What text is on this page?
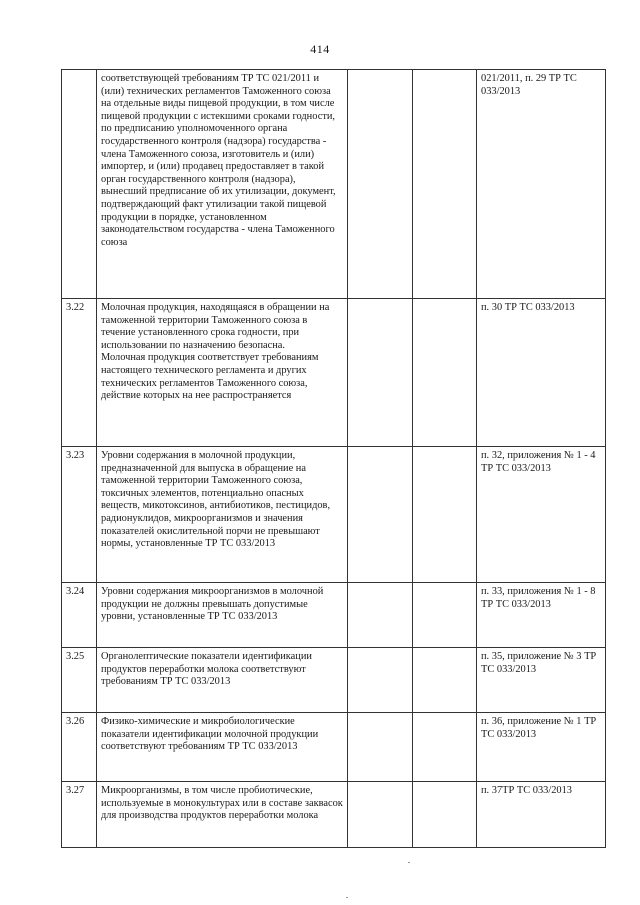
414
	соответствующей требованиям ТР ТС 021/2011 и (или) технических регламентов Таможенного союза на отдельные виды пищевой продукции, в том числе пищевой продукции с истекшими сроками годности, по предписанию уполномоченного органа государственного контроля (надзора) государства - члена Таможенного союза, изготовитель и (или) импортер, и (или) продавец предоставляет в такой орган государственного контроля (надзора), вынесший предписание об их утилизации, документ, подтверждающий факт утилизации такой пищевой продукции в порядке, установленном законодательством государства - члена Таможенного союза			021/2011, п. 29 ТР ТС 033/2013
3.22	Молочная продукция, находящаяся в обращении на таможенной территории Таможенного союза в течение установленного срока годности, при использовании по назначению безопасна.
Молочная продукция соответствует требованиям настоящего технического регламента и других технических регламентов Таможенного союза, действие которых на нее распространяется			п. 30 ТР ТС 033/2013
3.23	Уровни содержания в молочной продукции, предназначенной для выпуска в обращение на таможенной территории Таможенного союза, токсичных элементов, потенциально опасных веществ, микотоксинов, антибиотиков, пестицидов, радионуклидов, микроорганизмов и значения показателей окислительной порчи не превышают нормы, установленные ТР ТС 033/2013			п. 32, приложения № 1 - 4 ТР ТС 033/2013
3.24	Уровни содержания микроорганизмов в молочной продукции не должны превышать допустимые уровни, установленные ТР ТС 033/2013			п. 33, приложения № 1 - 8 ТР ТС 033/2013
3.25	Органолептические показатели идентификации продуктов переработки молока соответствуют требованиям ТР ТС 033/2013			п. 35, приложение № 3 ТР ТС 033/2013
3.26	Физико-химические и микробиологические показатели идентификации молочной продукции соответствуют требованиям ТР ТС 033/2013			п. 36, приложение № 1 ТР ТС 033/2013
3.27	Микроорганизмы, в том числе пробиотические, используемые в монокультурах или в составе заквасок для производства продуктов переработки молока			п. 37ТР ТС 033/2013
